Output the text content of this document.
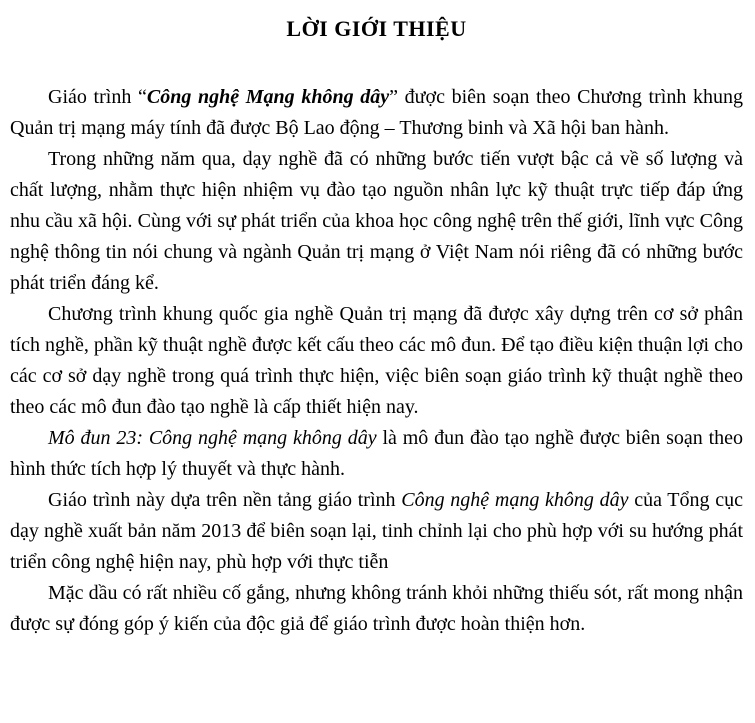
LỜI GIỚI THIỆU

Giáo trình “Công nghệ Mạng không dây” được biên soạn theo Chương trình khung Quản trị mạng máy tính đã được Bộ Lao động – Thương binh và Xã hội ban hành.

Trong những năm qua, dạy nghề đã có những bước tiến vượt bậc cả về số lượng và chất lượng, nhằm thực hiện nhiệm vụ đào tạo nguồn nhân lực kỹ thuật trực tiếp đáp ứng nhu cầu xã hội. Cùng với sự phát triển của khoa học công nghệ trên thế giới, lĩnh vực Công nghệ thông tin nói chung và ngành Quản trị mạng ở Việt Nam nói riêng đã có những bước phát triển đáng kể.

Chương trình khung quốc gia nghề Quản trị mạng đã được xây dựng trên cơ sở phân tích nghề, phần kỹ thuật nghề được kết cấu theo các mô đun. Để tạo điều kiện thuận lợi cho các cơ sở dạy nghề trong quá trình thực hiện, việc biên soạn giáo trình kỹ thuật nghề theo theo các mô đun đào tạo nghề là cấp thiết hiện nay.

Mô đun 23: Công nghệ mạng không dây là mô đun đào tạo nghề được biên soạn theo hình thức tích hợp lý thuyết và thực hành.

Giáo trình này dựa trên nền tảng giáo trình Công nghệ mạng không dây của Tổng cục dạy nghề xuất bản năm 2013 để biên soạn lại, tinh chỉnh lại cho phù hợp với su hướng phát triển công nghệ hiện nay, phù hợp với thực tiễn

Mặc dầu có rất nhiều cố gắng, nhưng không tránh khỏi những thiếu sót, rất mong nhận được sự đóng góp ý kiến của độc giả để giáo trình được hoàn thiện hơn.
